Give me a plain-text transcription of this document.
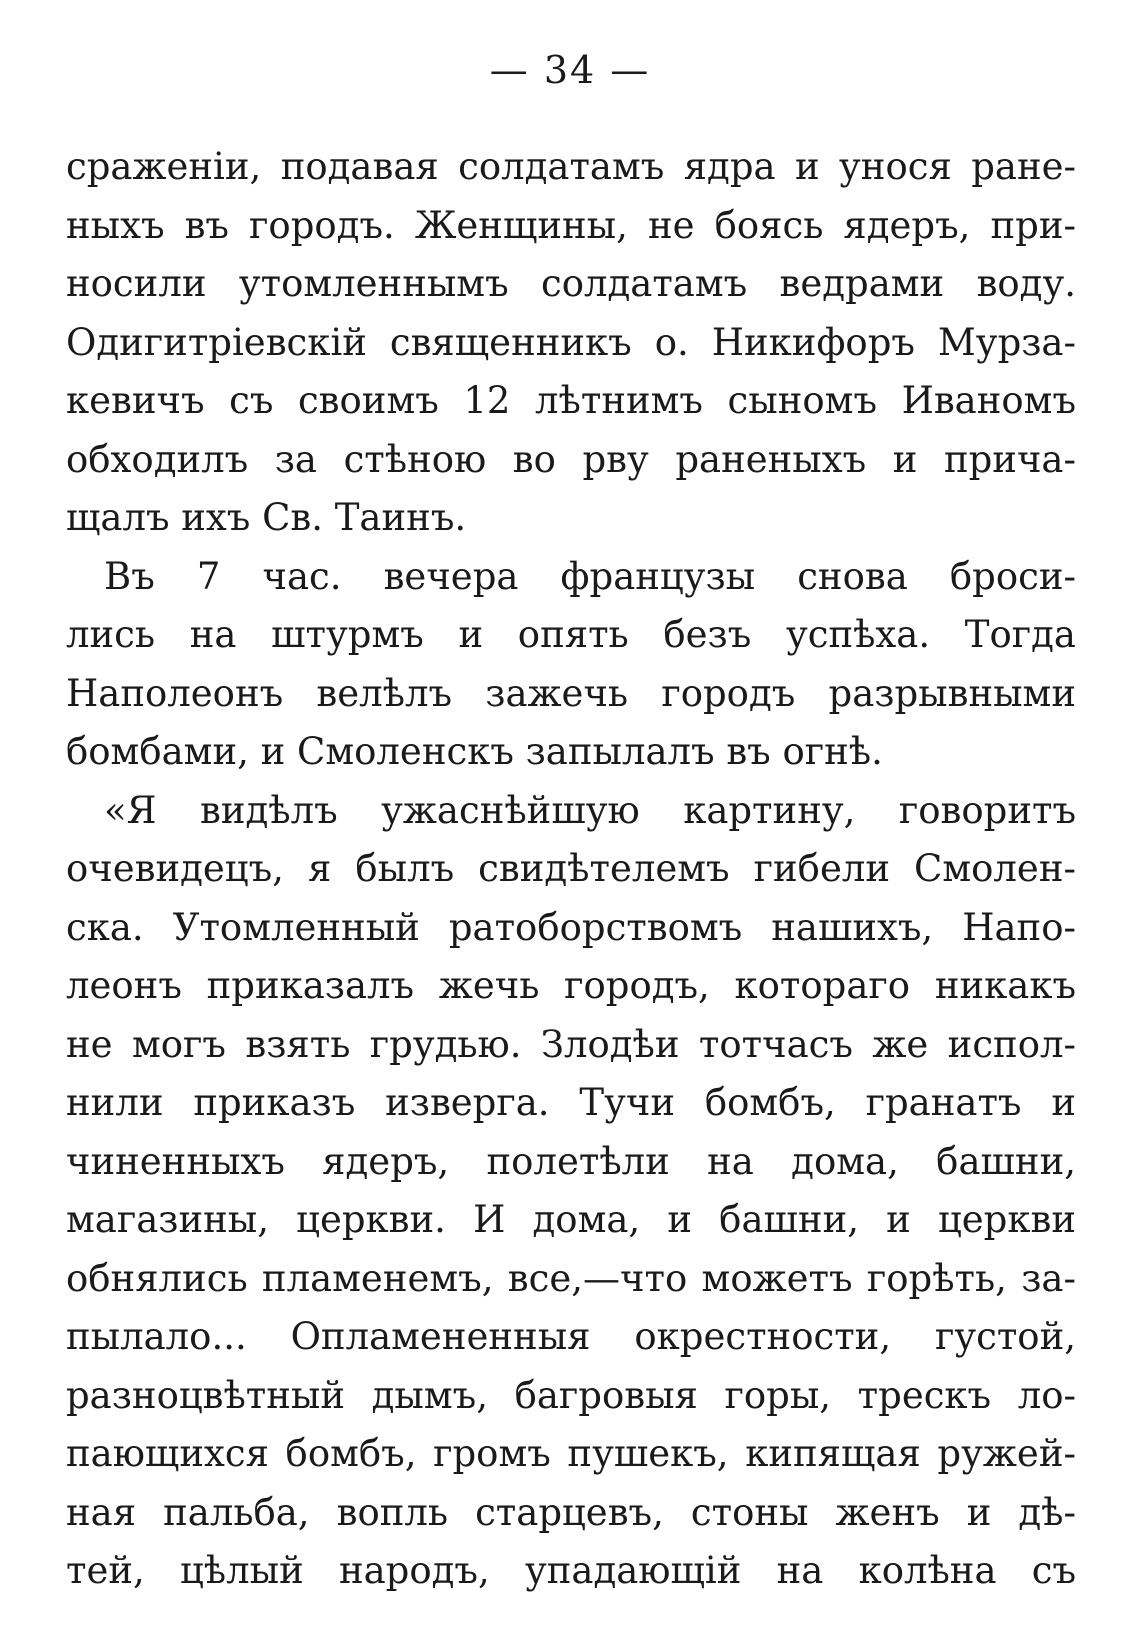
— 34 —
сраженіи, подавая солдатамъ ядра и унося ране-
ныхъ въ городъ. Женщины, не боясь ядеръ, при-
носили утомленнымъ солдатамъ ведрами воду.
Одигитріевскій священникъ о. Никифоръ Мурза-
кевичъ съ своимъ 12 лѣтнимъ сыномъ Иваномъ
обходилъ за стѣною во рву раненыхъ и прича-
щалъ ихъ Св. Таинъ.
Въ 7 час. вечера французы снова броси-
лись на штурмъ и опять безъ успѣха. Тогда
Наполеонъ велѣлъ зажечь городъ разрывными
бомбами, и Смоленскъ запылалъ въ огнѣ.
«Я видѣлъ ужаснѣйшую картину, говоритъ
очевидецъ, я былъ свидѣтелемъ гибели Смолен-
ска. Утомленный ратоборствомъ нашихъ, Напо-
леонъ приказалъ жечь городъ, котораго никакъ
не могъ взять грудью. Злодѣи тотчасъ же испол-
нили приказъ изверга. Тучи бомбъ, гранатъ и
чиненныхъ ядеръ, полетѣли на дома, башни,
магазины, церкви. И дома, и башни, и церкви
обнялись пламенемъ, все,—что можетъ горѣть, за-
пылало... Опламененныя окрестности, густой,
разноцвѣтный дымъ, багровыя горы, трескъ ло-
пающихся бомбъ, громъ пушекъ, кипящая ружей-
ная пальба, вопль старцевъ, стоны женъ и дѣ-
тей, цѣлый народъ, упадающій на колѣна съ
